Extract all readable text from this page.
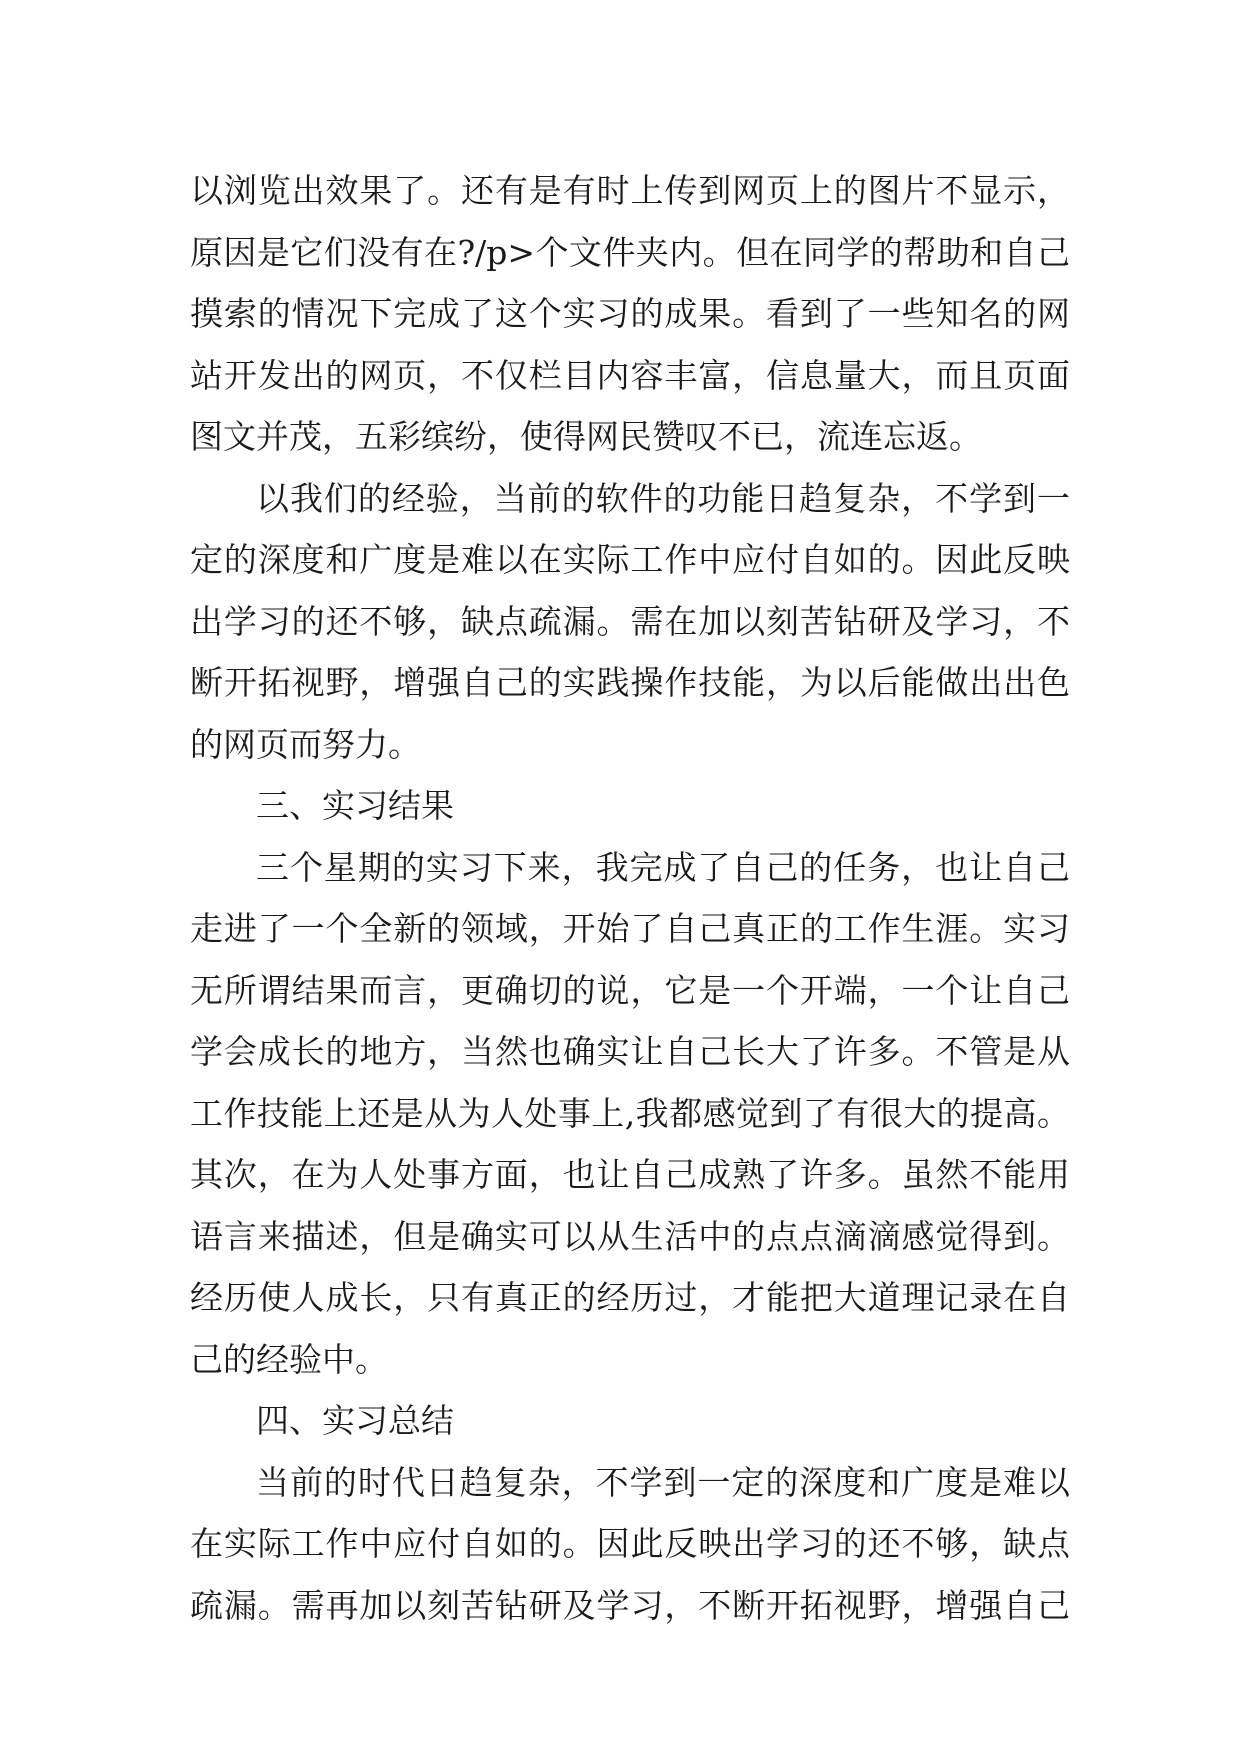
以浏览出效果了。还有是有时上传到网页上的图片不显示，
原因是它们没有在?/p>个文件夹内。但在同学的帮助和自己
摸索的情况下完成了这个实习的成果。看到了一些知名的网
站开发出的网页，不仅栏目内容丰富，信息量大，而且页面
图文并茂，五彩缤纷，使得网民赞叹不已，流连忘返。
以我们的经验，当前的软件的功能日趋复杂，不学到一
定的深度和广度是难以在实际工作中应付自如的。因此反映
出学习的还不够，缺点疏漏。需在加以刻苦钻研及学习，不
断开拓视野，增强自己的实践操作技能，为以后能做出出色
的网页而努力。
三、实习结果
三个星期的实习下来，我完成了自己的任务，也让自己
走进了一个全新的领域，开始了自己真正的工作生涯。实习
无所谓结果而言，更确切的说，它是一个开端，一个让自己
学会成长的地方，当然也确实让自己长大了许多。不管是从
工作技能上还是从为人处事上,我都感觉到了有很大的提高。
其次，在为人处事方面，也让自己成熟了许多。虽然不能用
语言来描述，但是确实可以从生活中的点点滴滴感觉得到。
经历使人成长，只有真正的经历过，才能把大道理记录在自
己的经验中。
四、实习总结
当前的时代日趋复杂，不学到一定的深度和广度是难以
在实际工作中应付自如的。因此反映出学习的还不够，缺点
疏漏。需再加以刻苦钻研及学习，不断开拓视野，增强自己
